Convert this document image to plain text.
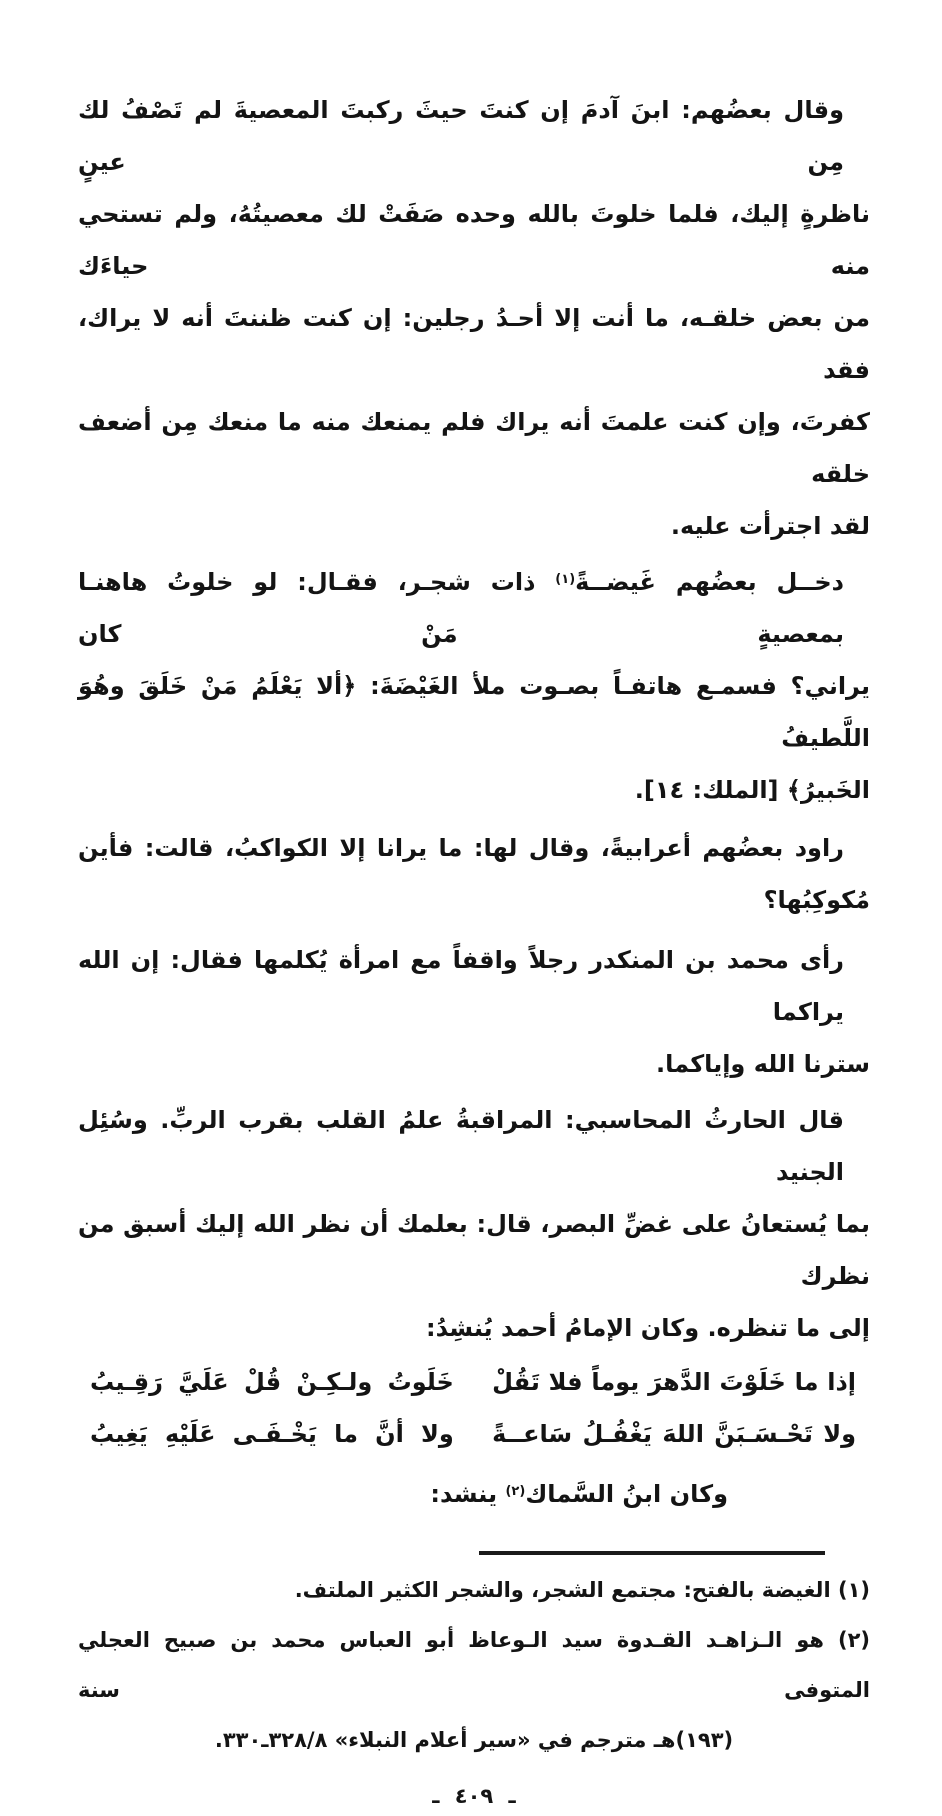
وقال بعضُهم: ابنَ آدمَ إن كنتَ حيثَ ركبتَ المعصيةَ لم تَصْفُ لك مِن عينٍ
ناظرةٍ إليك، فلما خلوتَ بالله وحده صَفَتْ لك معصيتُهُ، ولم تستحي منه حياءَك
من بعض خلقـه، ما أنت إلا أحـدُ رجلين: إن كنت ظننتَ أنه لا يراك، فقد
كفرتَ، وإن كنت علمتَ أنه يراك فلم يمنعك منه ما منعك مِن أضعف خلقه
لقد اجترأت عليه.
دخــل بعضُهم غَيضــةً$^{(١)}$ ذات شجـر، فقـال: لو خلوتُ هاهنـا بمعصيةٍ مَنْ كان
يراني؟ فسمـع هاتفـاً بصـوت ملأ الغَيْضَةَ: ﴿ألا يَعْلَمُ مَنْ خَلَقَ وهُوَ اللَّطيفُ
الخَبيرُ﴾ [الملك: ١٤].
راود بعضُهم أعرابيةً، وقال لها: ما يرانا إلا الكواكبُ، قالت: فأين
مُكوكِبُها؟
رأى محمد بن المنكدر رجلاً واقفاً مع امرأة يُكلمها فقال: إن الله يراكما
سترنا الله وإياكما.
قال الحارثُ المحاسبي: المراقبةُ علمُ القلب بقرب الربِّ. وسُئِل الجنيد
بما يُستعانُ على غضِّ البصر، قال: بعلمك أن نظر الله إليك أسبق من نظرك
إلى ما تنظره. وكان الإمامُ أحمد يُنشِدُ:
إذا ما خَلَوْتَ الدَّهرَ يوماً فلا تَقُلْ
خَلَوتُ ولـكِـنْ قُلْ عَلَيَّ رَقِـيبُ
ولا تَحْـسَـبَنَّ اللهَ يَغْفُـلُ سَاعــةً
ولا أنَّ ما يَخْـفَـى عَلَيْهِ يَغِيبُ
وكان ابنُ السَّماك$^{(٢)}$ ينشد:
(١) الغيضة بالفتح: مجتمع الشجر، والشجر الكثير الملتف.
(٢) هو الـزاهـد القـدوة سيد الـوعاظ أبو العباس محمد بن صبيح العجلي المتوفى سنة
(١٩٣)هـ مترجم في «سير أعلام النبلاء» ٣٢٨/٨ـ٣٣٠.
ـ ٤٠٩ ـ
